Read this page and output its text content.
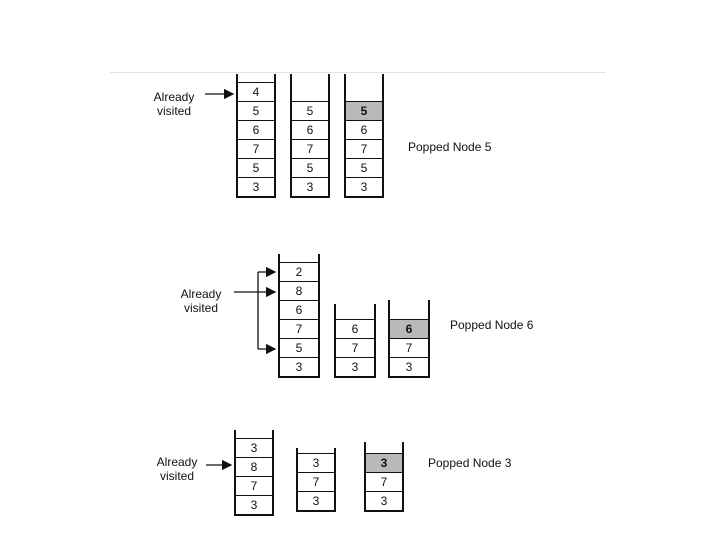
Already
visited
4
5
6
7
5
3
5
6
7
5
3
5
6
7
5
3
Popped Node 5
Already
visited
2
8
6
7
5
3
6
7
3
6
7
3
Popped Node 6
Already
visited
3
8
7
3
3
7
3
3
7
3
Popped Node 3
